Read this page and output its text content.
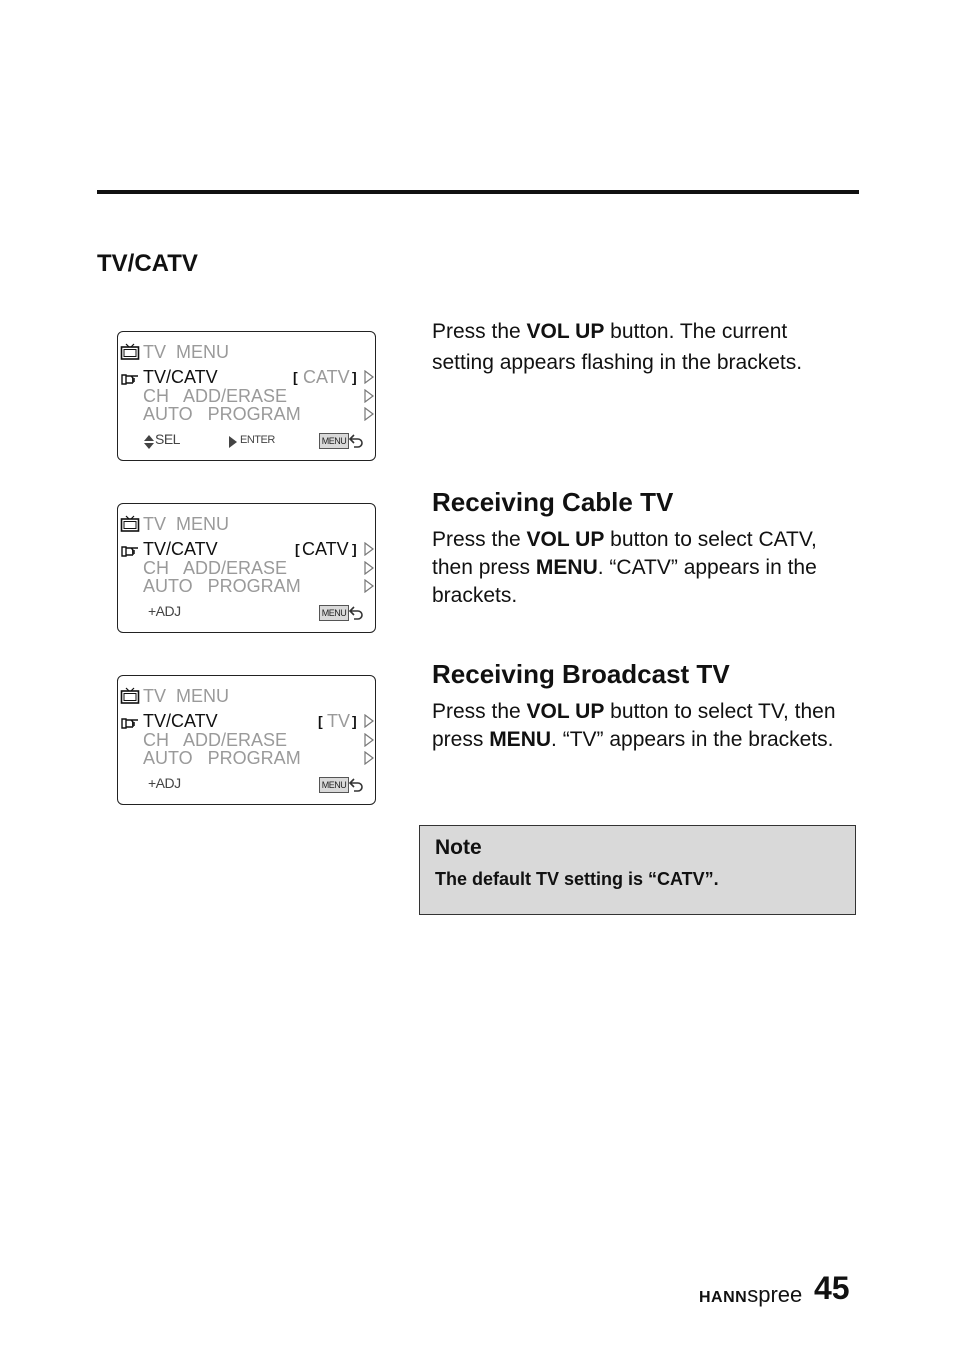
TV/CATV
TV  MENU
TV/CATV	[ CATV ]
CH   ADD/ERASE
AUTO   PROGRAM
SEL	ENTER	MENU
TV  MENU
TV/CATV	[ CATV ]
CH   ADD/ERASE
AUTO   PROGRAM
+ADJ	MENU
TV  MENU
TV/CATV	[ TV ]
CH   ADD/ERASE
AUTO   PROGRAM
+ADJ	MENU

Press the VOL UP button. The current setting appears flashing in the brackets.

Receiving Cable TV

Press the VOL UP button to select CATV, then press MENU. “CATV” appears in the brackets.

Receiving Broadcast TV

Press the VOL UP button to select TV, then press MENU. “TV” appears in the brackets.

Note
The default TV setting is “CATV”.
HANNspree 45
